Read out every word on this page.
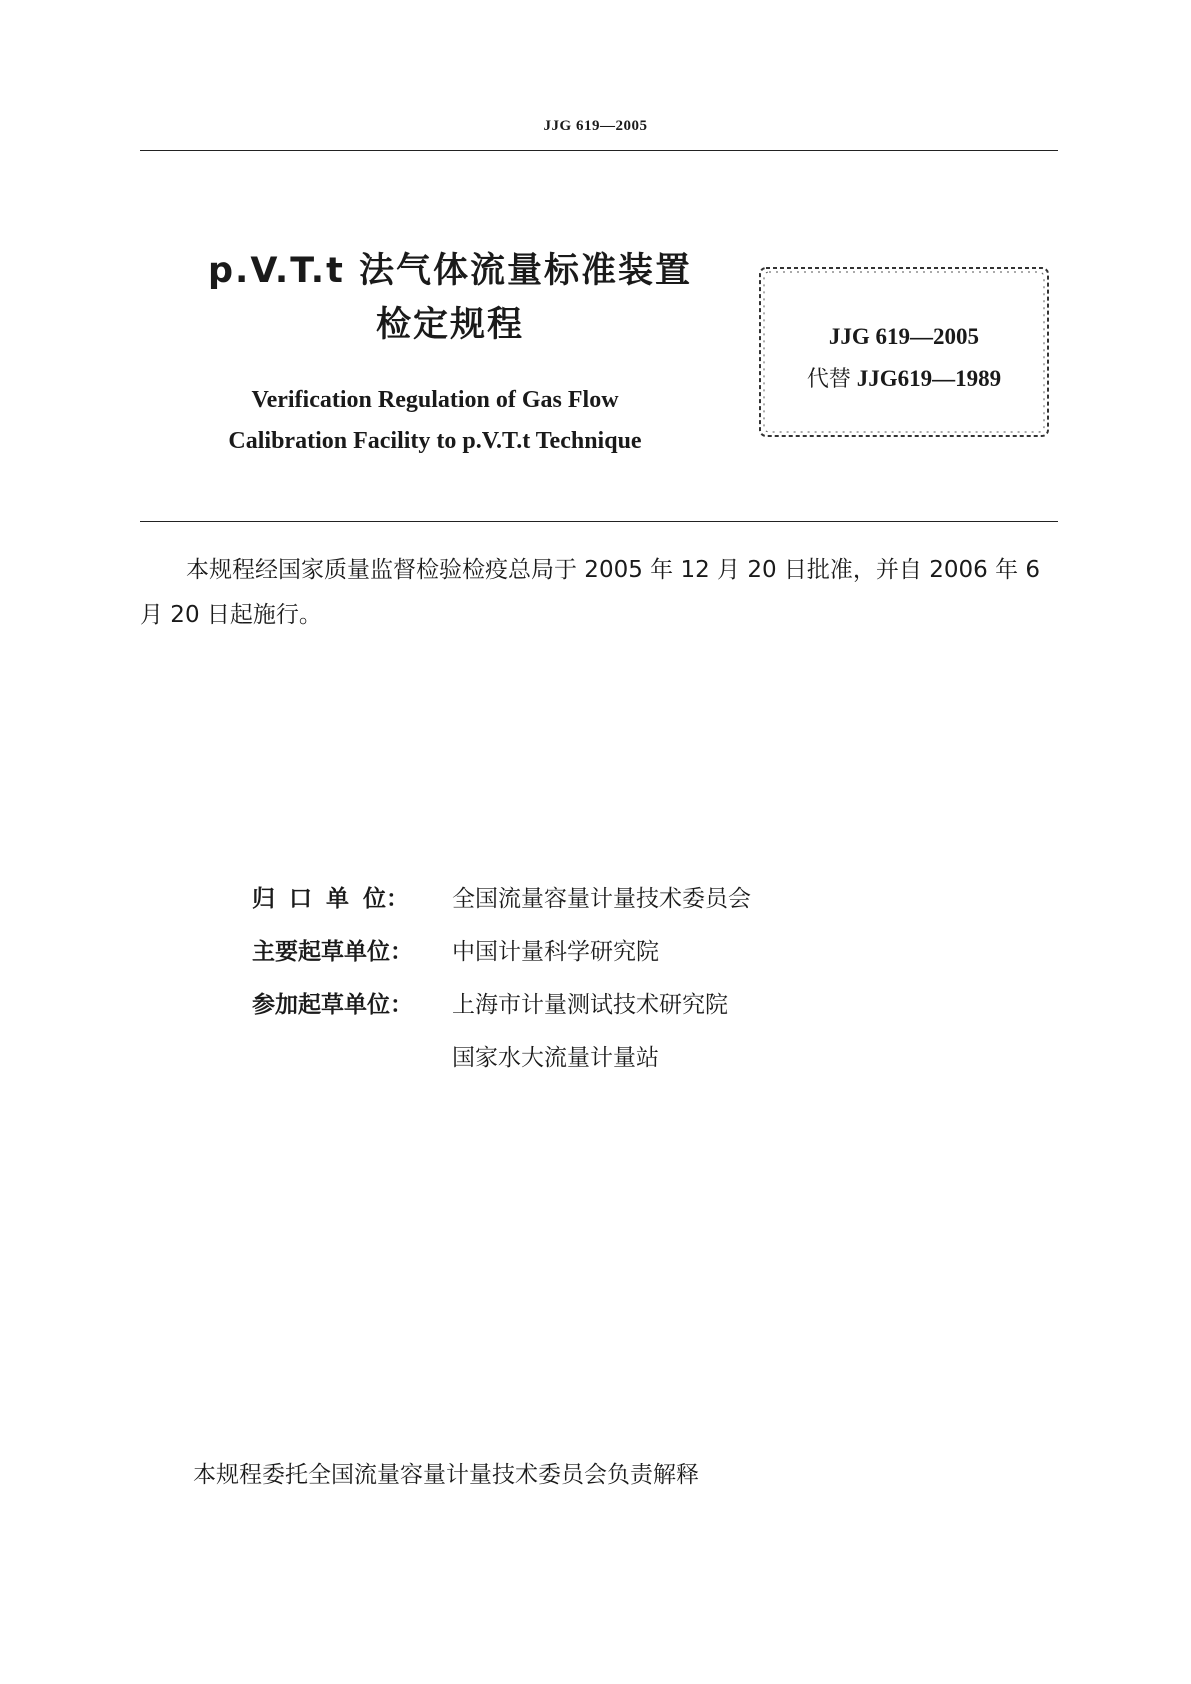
JJG 619—2005
p.V.T.t 法气体流量标准装置
检定规程
Verification Regulation of Gas Flow
Calibration Facility to p.V.T.t Technique
JJG 619—2005
代替 JJG619—1989
本规程经国家质量监督检验检疫总局于 2005 年 12 月 20 日批准，并自 2006 年 6 月 20 日起施行。
归 口 单 位：	全国流量容量计量技术委员会
主要起草单位：	中国计量科学研究院
参加起草单位：	上海市计量测试技术研究院
国家水大流量计量站
本规程委托全国流量容量计量技术委员会负责解释
